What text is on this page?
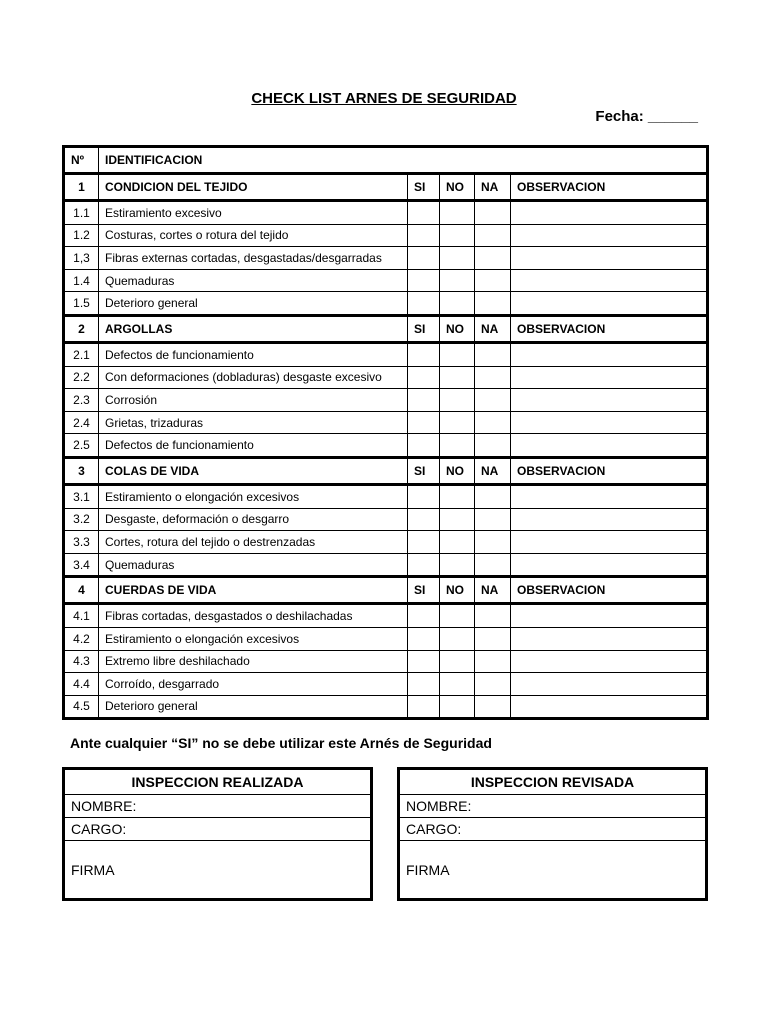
CHECK LIST ARNES DE SEGURIDAD
Fecha: ______
Nº	IDENTIFICACION				
1	CONDICION DEL TEJIDO	SI	NO	NA	OBSERVACION
1.1	Estiramiento excesivo				
1.2	Costuras, cortes o rotura del tejido				
1,3	Fibras externas cortadas, desgastadas/desgarradas				
1.4	Quemaduras				
1.5	Deterioro general				
2	ARGOLLAS	SI	NO	NA	OBSERVACION
2.1	Defectos de funcionamiento				
2.2	Con deformaciones (dobladuras) desgaste excesivo				
2.3	Corrosión				
2.4	Grietas, trizaduras				
2.5	Defectos de funcionamiento				
3	COLAS DE VIDA	SI	NO	NA	OBSERVACION
3.1	Estiramiento o elongación excesivos				
3.2	Desgaste, deformación o desgarro				
3.3	Cortes, rotura del tejido o destrenzadas				
3.4	Quemaduras				
4	CUERDAS DE VIDA	SI	NO	NA	OBSERVACION
4.1	Fibras cortadas, desgastados o deshilachadas				
4.2	Estiramiento o elongación excesivos				
4.3	Extremo libre deshilachado				
4.4	Corroído, desgarrado				
4.5	Deterioro general				
Ante cualquier “SI” no se debe utilizar este Arnés de Seguridad
INSPECCION REALIZADA
NOMBRE:
CARGO:
FIRMA
INSPECCION REVISADA
NOMBRE:
CARGO:
FIRMA
